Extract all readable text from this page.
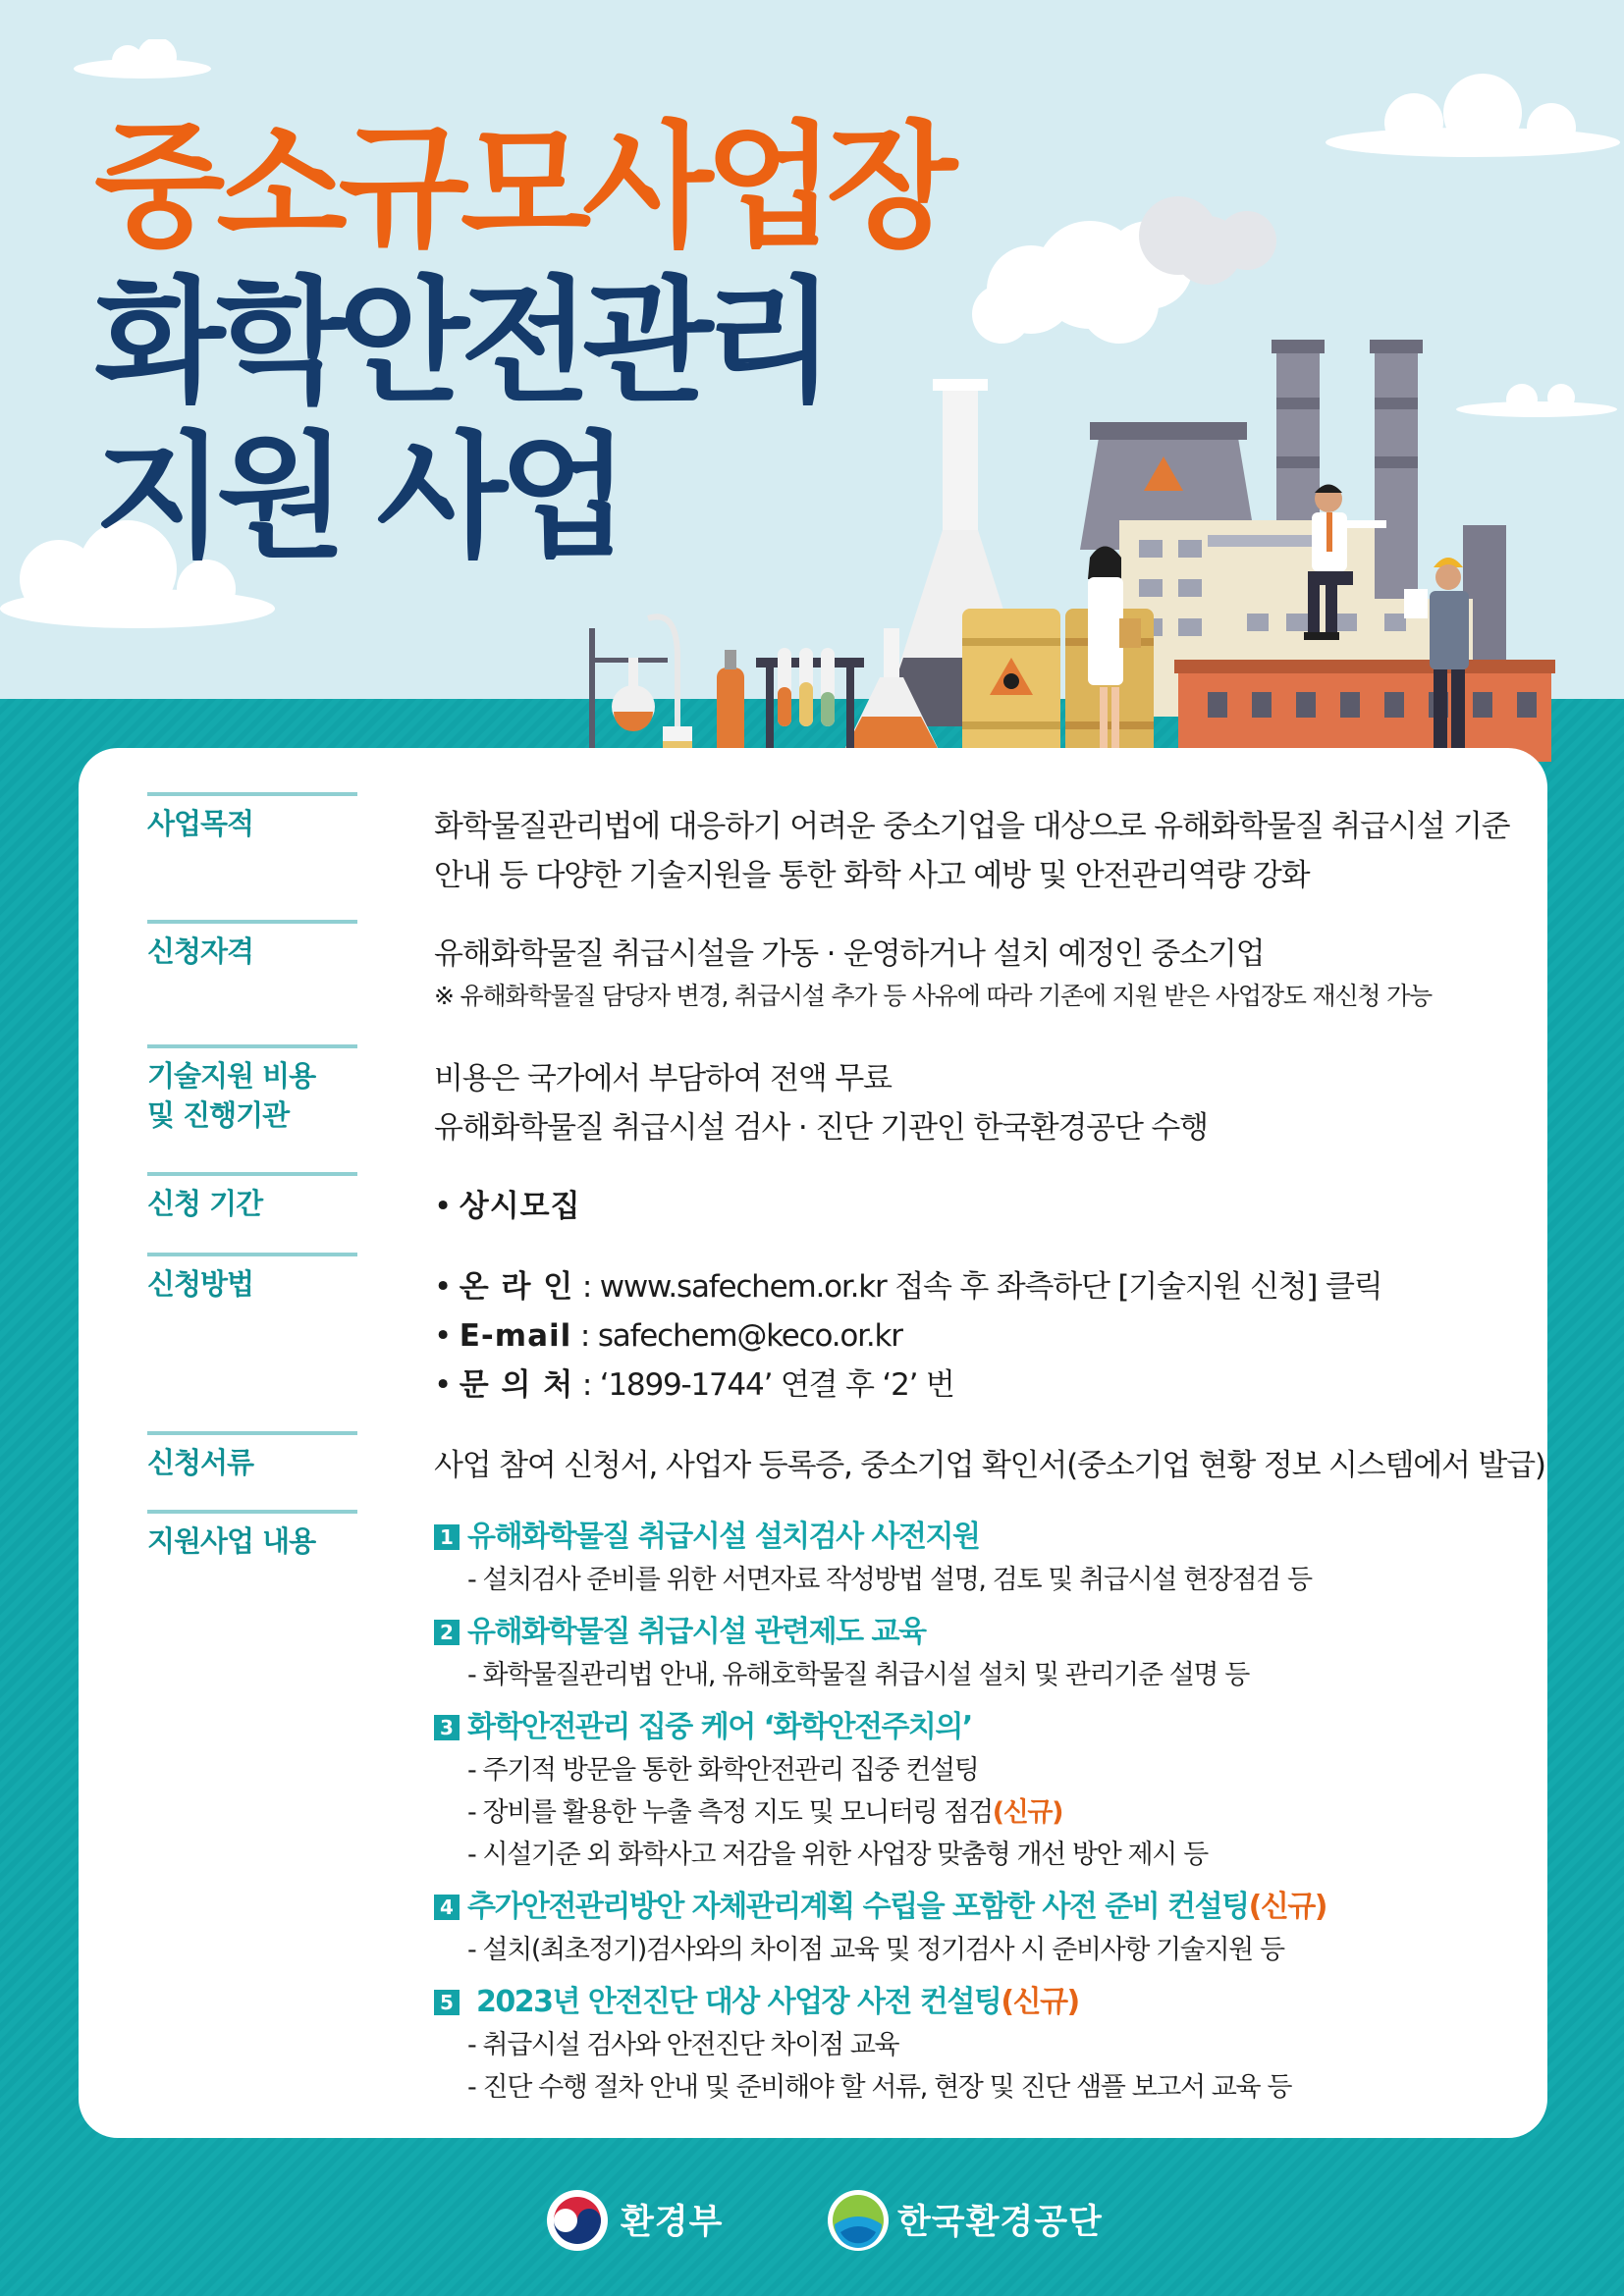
중소규모사업장
화학안전관리
지원 사업
사업목적	화학물질관리법에 대응하기 어려운 중소기업을 대상으로 유해화학물질 취급시설 기준
안내 등 다양한 기술지원을 통한 화학 사고 예방 및 안전관리역량 강화
신청자격	유해화학물질 취급시설을 가동 · 운영하거나 설치 예정인 중소기업
※ 유해화학물질 담당자 변경, 취급시설 추가 등 사유에 따라 기존에 지원 받은 사업장도 재신청 가능
기술지원 비용
및 진행기관
비용은 국가에서 부담하여 전액 무료
유해화학물질 취급시설 검사 · 진단 기관인 한국환경공단 수행
신청 기간	• 상시모집
신청방법	• 온 라 인 : www.safechem.or.kr 접속 후 좌측하단 [기술지원 신청] 클릭
• E-mail : safechem@keco.or.kr
• 문 의 처 : ‘1899-1744’ 연결 후 ‘2’ 번
신청서류	사업 참여 신청서, 사업자 등록증, 중소기업 확인서(중소기업 현황 정보 시스템에서 발급)
지원사업 내용	1 유해화학물질 취급시설 설치검사 사전지원
- 설치검사 준비를 위한 서면자료 작성방법 설명, 검토 및 취급시설 현장점검 등
2 유해화학물질 취급시설 관련제도 교육
- 화학물질관리법 안내, 유해호학물질 취급시설 설치 및 관리기준 설명 등
3 화학안전관리 집중 케어 ‘화학안전주치의’
- 주기적 방문을 통한 화학안전관리 집중 컨설팅
- 장비를 활용한 누출 측정 지도 및 모니터링 점검(신규)
- 시설기준 외 화학사고 저감을 위한 사업장 맞춤형 개선 방안 제시 등
4 추가안전관리방안 자체관리계획 수립을 포함한 사전 준비 컨설팅(신규)
- 설치(최초정기)검사와의 차이점 교육 및 정기검사 시 준비사항 기술지원 등
5 2023년 안전진단 대상 사업장 사전 컨설팅(신규)
- 취급시설 검사와 안전진단 차이점 교육
- 진단 수행 절차 안내 및 준비해야 할 서류, 현장 및 진단 샘플 보고서 교육 등
환경부	한국환경공단
